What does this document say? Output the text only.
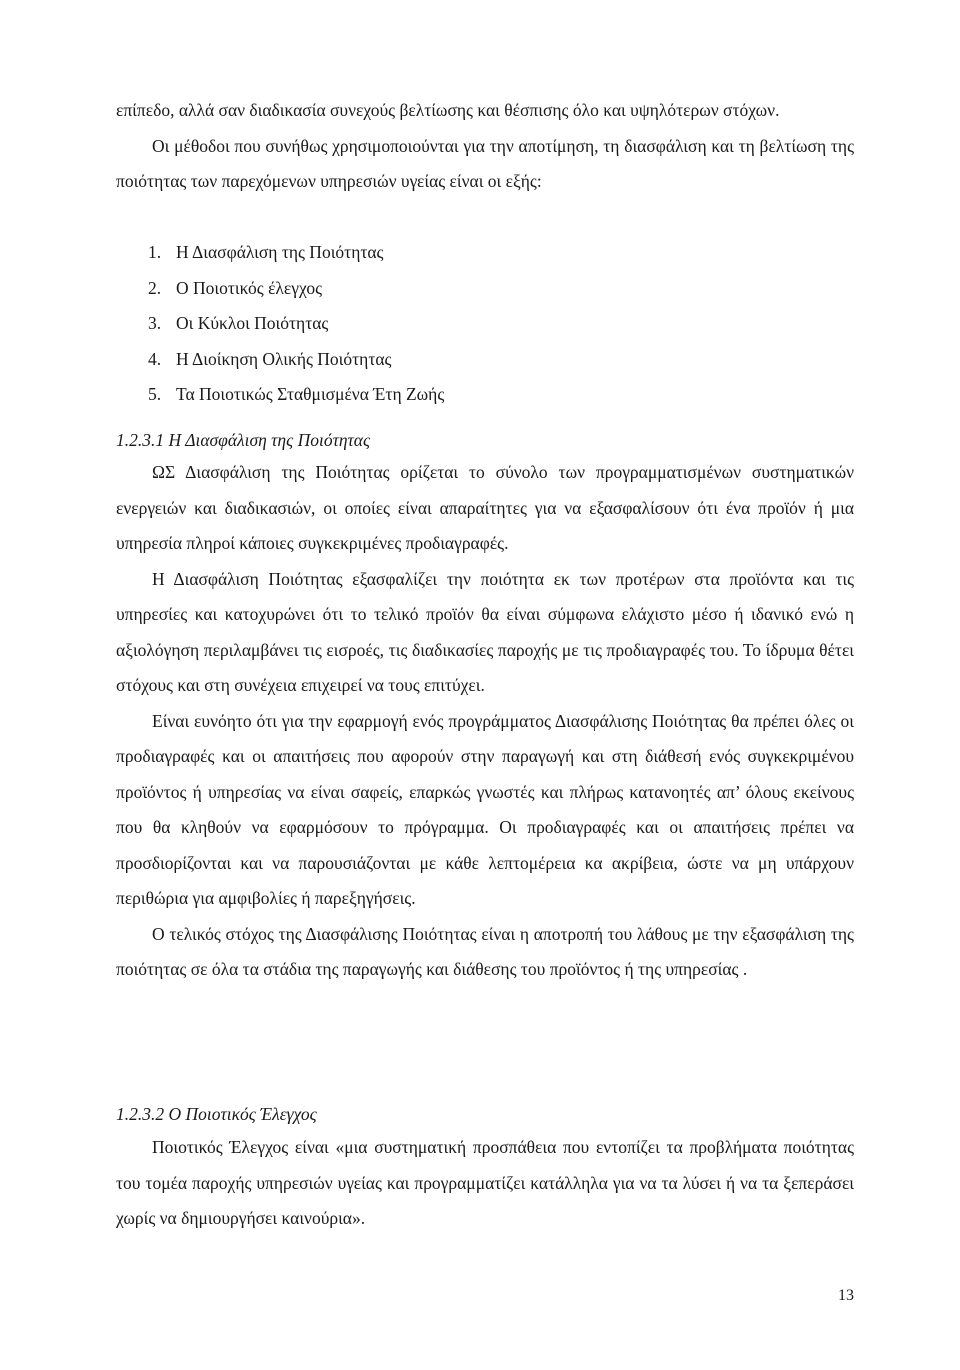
επίπεδο, αλλά σαν διαδικασία συνεχούς βελτίωσης και θέσπισης όλο και υψηλότερων στόχων.

Οι μέθοδοι που συνήθως χρησιμοποιούνται για την αποτίμηση, τη διασφάλιση και τη βελτίωση της ποιότητας των παρεχόμενων υπηρεσιών υγείας είναι οι εξής:

1. Η Διασφάλιση της Ποιότητας
2. Ο Ποιοτικός έλεγχος
3. Οι Κύκλοι Ποιότητας
4. Η Διοίκηση Ολικής Ποιότητας
5. Τα Ποιοτικώς Σταθμισμένα Έτη Ζωής
1.2.3.1 Η Διασφάλιση της Ποιότητας

ΩΣ Διασφάλιση της Ποιότητας ορίζεται το σύνολο των προγραμματισμένων συστηματικών ενεργειών και διαδικασιών, οι οποίες είναι απαραίτητες για να εξασφαλίσουν ότι ένα προϊόν ή μια υπηρεσία πληροί κάποιες συγκεκριμένες προδιαγραφές.

Η Διασφάλιση Ποιότητας εξασφαλίζει την ποιότητα εκ των προτέρων στα προϊόντα και τις υπηρεσίες και κατοχυρώνει ότι το τελικό προϊόν θα είναι σύμφωνα ελάχιστο μέσο ή ιδανικό ενώ η αξιολόγηση περιλαμβάνει τις εισροές, τις διαδικασίες παροχής με τις προδιαγραφές του. Το ίδρυμα θέτει στόχους και στη συνέχεια επιχειρεί να τους επιτύχει.

Είναι ευνόητο ότι για την εφαρμογή ενός προγράμματος Διασφάλισης Ποιότητας θα πρέπει όλες οι προδιαγραφές και οι απαιτήσεις που αφορούν στην παραγωγή και στη διάθεσή ενός συγκεκριμένου προϊόντος ή υπηρεσίας να είναι σαφείς, επαρκώς γνωστές και πλήρως κατανοητές απ’ όλους εκείνους που θα κληθούν να εφαρμόσουν το πρόγραμμα. Οι προδιαγραφές και οι απαιτήσεις πρέπει να προσδιορίζονται και να παρουσιάζονται με κάθε λεπτομέρεια κα ακρίβεια, ώστε να μη υπάρχουν περιθώρια για αμφιβολίες ή παρεξηγήσεις.

Ο τελικός στόχος της Διασφάλισης Ποιότητας είναι η αποτροπή του λάθους με την εξασφάλιση της ποιότητας σε όλα τα στάδια της παραγωγής και διάθεσης του προϊόντος ή της υπηρεσίας .

1.2.3.2 Ο Ποιοτικός Έλεγχος

Ποιοτικός Έλεγχος είναι «μια συστηματική προσπάθεια που εντοπίζει τα προβλήματα ποιότητας του τομέα παροχής υπηρεσιών υγείας και προγραμματίζει κατάλληλα για να τα λύσει ή να τα ξεπεράσει χωρίς να δημιουργήσει καινούρια».

13
